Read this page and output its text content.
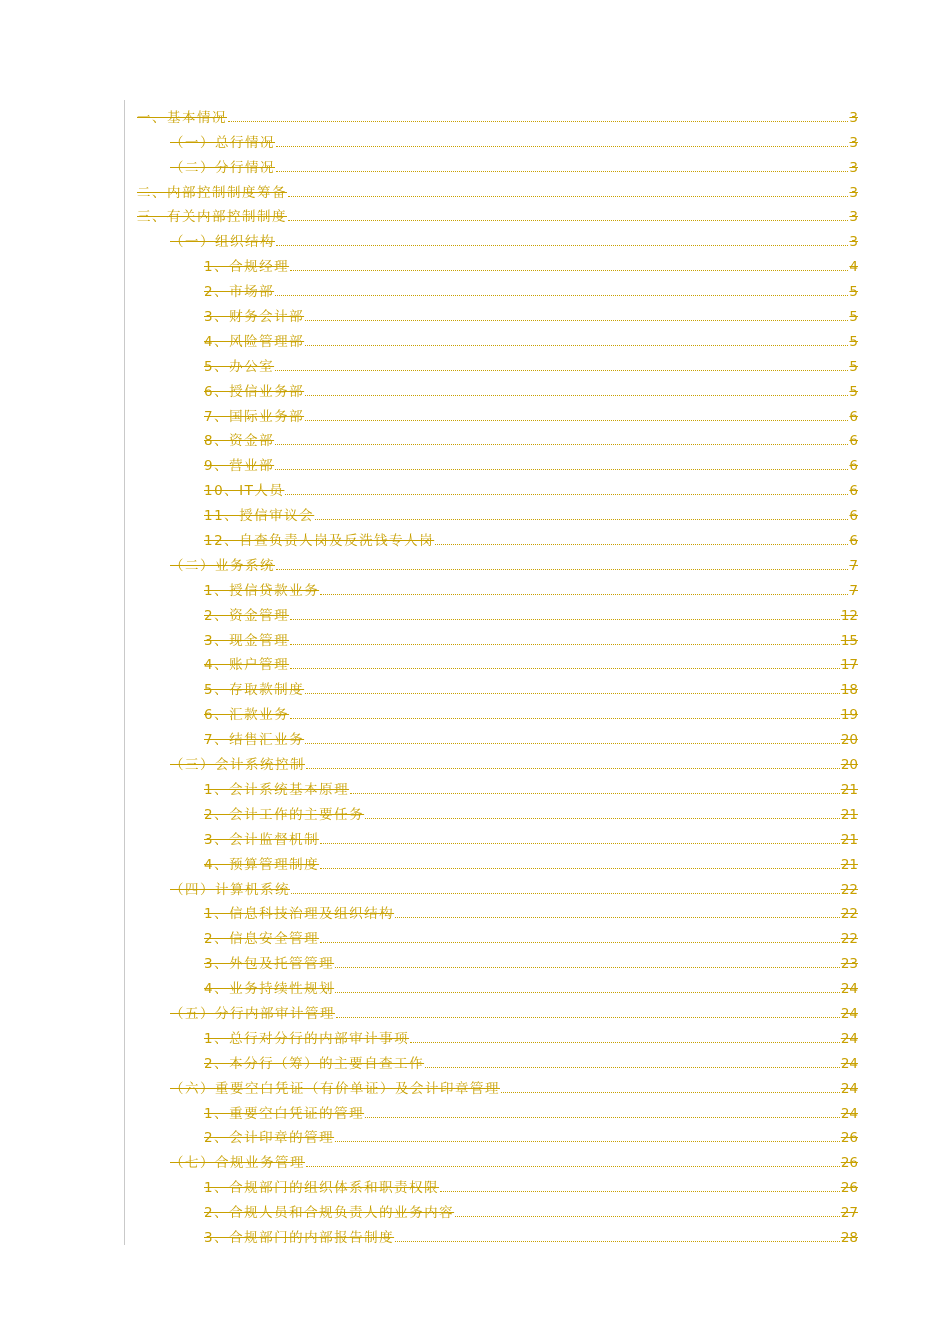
一、基本情况	3
（一）总行情况	3
（二）分行情况	3
二、内部控制制度筹备	3
三、有关内部控制制度	3
（一）组织结构	3
1、合规经理	4
2、市场部	5
3、财务会计部	5
4、风险管理部	5
5、办公室	5
6、授信业务部	5
7、国际业务部	6
8、资金部	6
9、营业部	6
10、IT人员	6
11、授信审议会	6
12、自查负责人岗及反洗钱专人岗	6
（二）业务系统	7
1、授信贷款业务	7
2、资金管理	12
3、现金管理	15
4、账户管理	17
5、存取款制度	18
6、汇款业务	19
7、结售汇业务	20
（三）会计系统控制	20
1、会计系统基本原理	21
2、会计工作的主要任务	21
3、会计监督机制	21
4、预算管理制度	21
（四）计算机系统	22
1、信息科技治理及组织结构	22
2、信息安全管理	22
3、外包及托管管理	23
4、业务持续性规划	24
（五）分行内部审计管理	24
1、总行对分行的内部审计事项	24
2、本分行（筹）的主要自查工作	24
（六）重要空白凭证（有价单证）及会计印章管理	24
1、重要空白凭证的管理	24
2、会计印章的管理	26
（七）合规业务管理	26
1、合规部门的组织体系和职责权限	26
2、合规人员和合规负责人的业务内容	27
3、合规部门的内部报告制度	28
